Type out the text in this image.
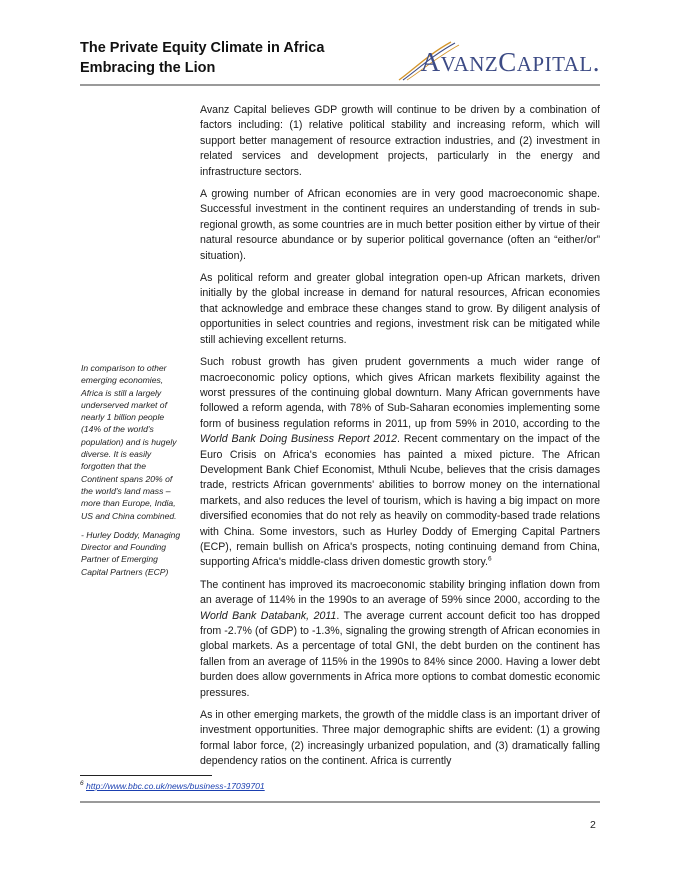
The Private Equity Climate in Africa
Embracing the Lion	AVANZCAPITAL.

In comparison to other emerging economies, Africa is still a largely underserved market of nearly 1 billion people (14% of the world's population) and is hugely diverse. It is easily forgotten that the Continent spans 20% of the world's land mass – more than Europe, India, US and China combined.

- Hurley Doddy, Managing Director and Founding Partner of Emerging Capital Partners (ECP)

Avanz Capital believes GDP growth will continue to be driven by a combination of factors including: (1) relative political stability and increasing reform, which will support better management of resource extraction industries, and (2) investment in related services and development projects, particularly in the energy and infrastructure sectors.

A growing number of African economies are in very good macroeconomic shape. Successful investment in the continent requires an understanding of trends in sub-regional growth, as some countries are in much better position either by virtue of their natural resource abundance or by superior political governance (often an “either/or” situation).

As political reform and greater global integration open-up African markets, driven initially by the global increase in demand for natural resources, African economies that acknowledge and embrace these changes stand to grow. By diligent analysis of opportunities in select countries and regions, investment risk can be mitigated while still achieving excellent returns.

Such robust growth has given prudent governments a much wider range of macroeconomic policy options, which gives African markets flexibility against the worst pressures of the continuing global downturn. Many African governments have followed a reform agenda, with 78% of Sub-Saharan economies implementing some form of business regulation reforms in 2011, up from 59% in 2010, according to the World Bank Doing Business Report 2012. Recent commentary on the impact of the Euro Crisis on Africa's economies has painted a mixed picture. The African Development Bank Chief Economist, Mthuli Ncube, believes that the crisis damages trade, restricts African governments' abilities to borrow money on the international markets, and also reduces the level of tourism, which is having a big impact on more diversified economies that do not rely as heavily on commodity-based trade relations with China. Some investors, such as Hurley Doddy of Emerging Capital Partners (ECP), remain bullish on Africa's prospects, noting continuing demand from China, supporting Africa's middle-class driven domestic growth story.$^6$

The continent has improved its macroeconomic stability bringing inflation down from an average of 114% in the 1990s to an average of 59% since 2000, according to the World Bank Databank, 2011. The average current account deficit too has dropped from -2.7% (of GDP) to -1.3%, signaling the growing strength of African economies in global markets. As a percentage of total GNI, the debt burden on the continent has fallen from an average of 115% in the 1990s to 84% since 2000. Having a lower debt burden does allow governments in Africa more options to combat domestic economic pressures.

As in other emerging markets, the growth of the middle class is an important driver of investment opportunities. Three major demographic shifts are evident: (1) a growing formal labor force, (2) increasingly urbanized population, and (3) dramatically falling dependency ratios on the continent. Africa is currently

$^6$ http://www.bbc.co.uk/news/business-17039701
2
